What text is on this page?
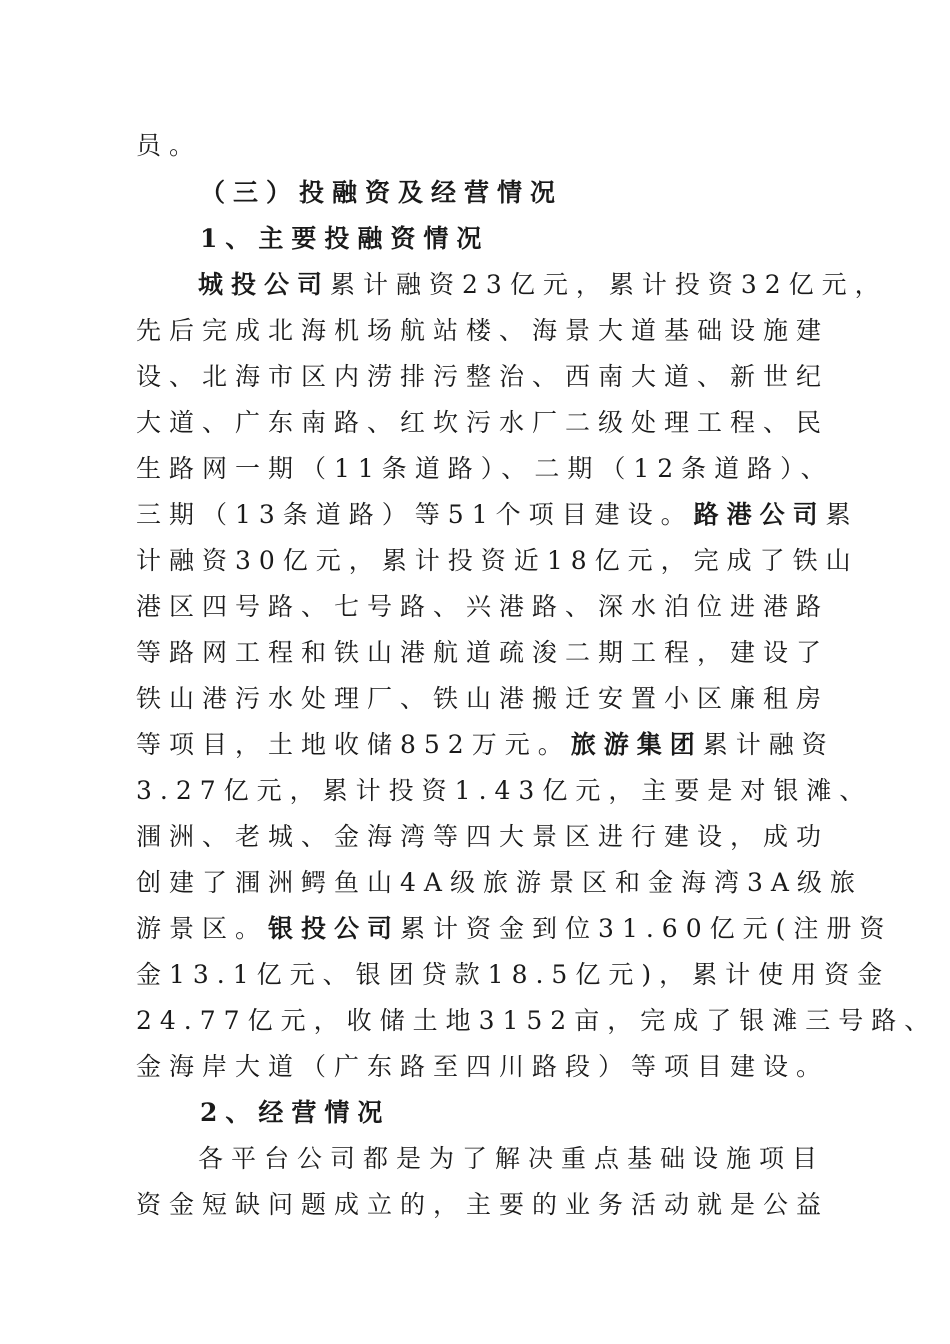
员。
（三）投融资及经营情况
1、主要投融资情况
城投公司累计融资23亿元，累计投资32亿元，
先后完成北海机场航站楼、海景大道基础设施建
设、北海市区内涝排污整治、西南大道、新世纪
大道、广东南路、红坎污水厂二级处理工程、民
生路网一期（11条道路）、二期（12条道路）、
三期（13条道路）等51个项目建设。路港公司累
计融资30亿元，累计投资近18亿元，完成了铁山
港区四号路、七号路、兴港路、深水泊位进港路
等路网工程和铁山港航道疏浚二期工程，建设了
铁山港污水处理厂、铁山港搬迁安置小区廉租房
等项目，土地收储852万元。旅游集团累计融资
3.27亿元，累计投资1.43亿元，主要是对银滩、
涠洲、老城、金海湾等四大景区进行建设，成功
创建了涠洲鳄鱼山4A级旅游景区和金海湾3A级旅
游景区。银投公司累计资金到位31.60亿元(注册资
金13.1亿元、银团贷款18.5亿元)，累计使用资金
24.77亿元，收储土地3152亩，完成了银滩三号路、
金海岸大道（广东路至四川路段）等项目建设。
2、经营情况
各平台公司都是为了解决重点基础设施项目
资金短缺问题成立的，主要的业务活动就是公益
